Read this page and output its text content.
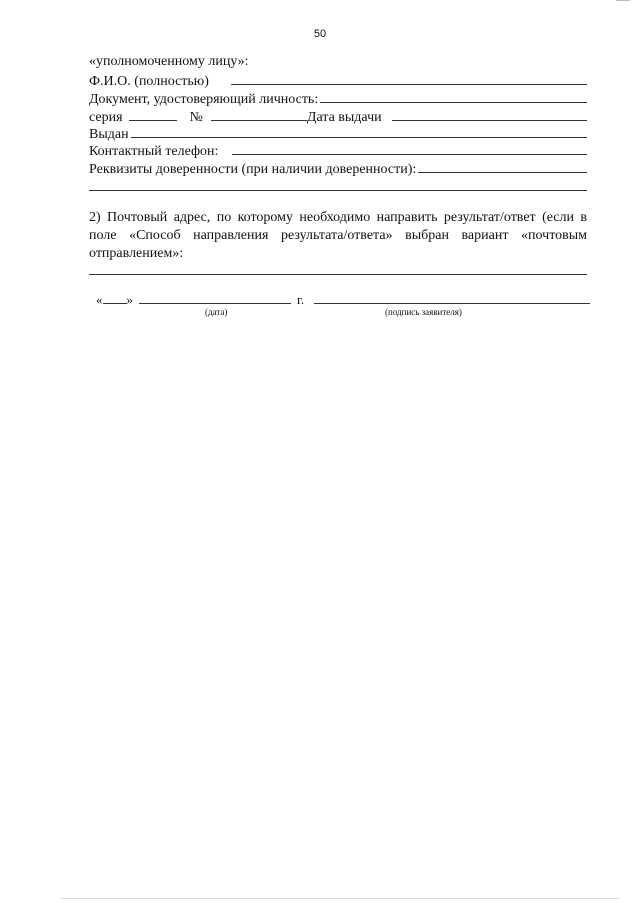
50
«уполномоченному лицу»:
Ф.И.О. (полностью)
Документ, удостоверяющий личность:
серия	№	Дата выдачи
Выдан
Контактный телефон:
Реквизиты доверенности (при наличии доверенности):
2) Почтовый адрес, по которому необходимо направить результат/ответ (если в поле «Способ направления результата/ответа» выбран вариант «почтовым отправлением»:
« »	г.
(дата)	(подпись заявителя)
